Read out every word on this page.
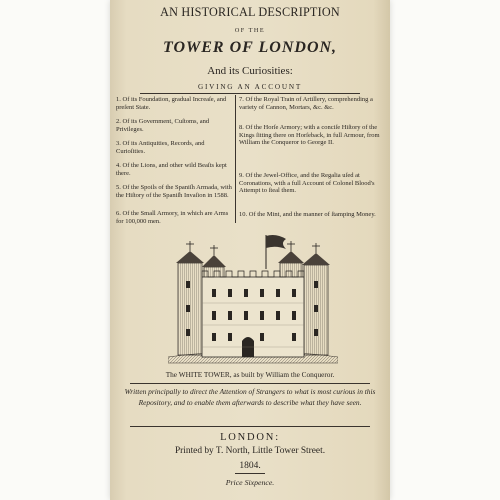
AN HISTORICAL DESCRIPTION
OF THE
TOWER OF LONDON,
And its Curiosities:
GIVING AN ACCOUNT
1. Of its Foundation, gradual Increaſe, and preſent State.
2. Of its Government, Cuſtoms, and Privileges.
3. Of its Antiquities, Records, and Curioſities.
4. Of the Lions, and other wild Beaſts kept there.
5. Of the Spoils of the Spaniſh Armada, with the Hiſtory of the Spaniſh Invaſion in 1588.
6. Of the Small Armory, in which are Arms for 100,000 men.
7. Of the Royal Train of Artillery, comprehending a variety of Cannon, Mortars, &c. &c.
8. Of the Horſe Armory; with a conciſe Hiſtory of the Kings ſitting there on Horſeback, in full Armour, from William the Conqueror to George II.
9. Of the Jewel-Office, and the Regalia uſed at Coronations, with a full Account of Colonel Blood's Attempt to ſteal them.
10. Of the Mint, and the manner of ſtamping Money.
The WHITE TOWER, as built by William the Conqueror.
Written principally to direct the Attention of Strangers to what is most curious in this Repository, and to enable them afterwards to describe what they have seen.
LONDON:
Printed by T. North, Little Tower Street.
1804.
Price Sixpence.
